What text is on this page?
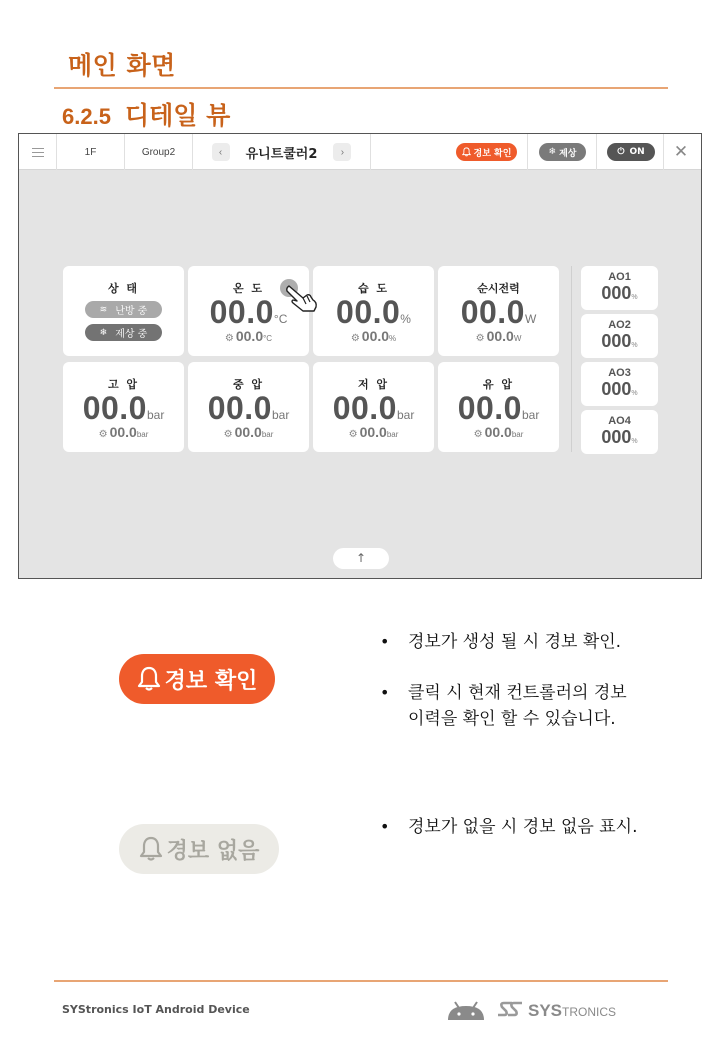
메인 화면
6.2.5 디테일 뷰
1F	Group2	‹	유니트쿨러2	›	경보 확인	❄ 제상	⏻ ON ✕
상 태
≋ 난방 중
❄ 제상 중
온 도
00.0°C
⚙ 00.0°C
습 도
00.0%
⚙ 00.0%
순시전력
00.0W
⚙ 00.0W
고 압
00.0bar
⚙ 00.0bar
중 압
00.0bar
⚙ 00.0bar
저 압
00.0bar
⚙ 00.0bar
유 압
00.0bar
⚙ 00.0bar
AO1
000%
AO2
000%
AO3
000%
AO4
000%
↑
경보 확인
경보 없음
• 경보가 생성 될 시 경보 확인.
• 클릭 시 현재 컨트롤러의 경보이력을 확인 할 수 있습니다.
• 경보가 없을 시 경보 없음 표시.
SYStronics IoT Android Device	SYSTRONICS
